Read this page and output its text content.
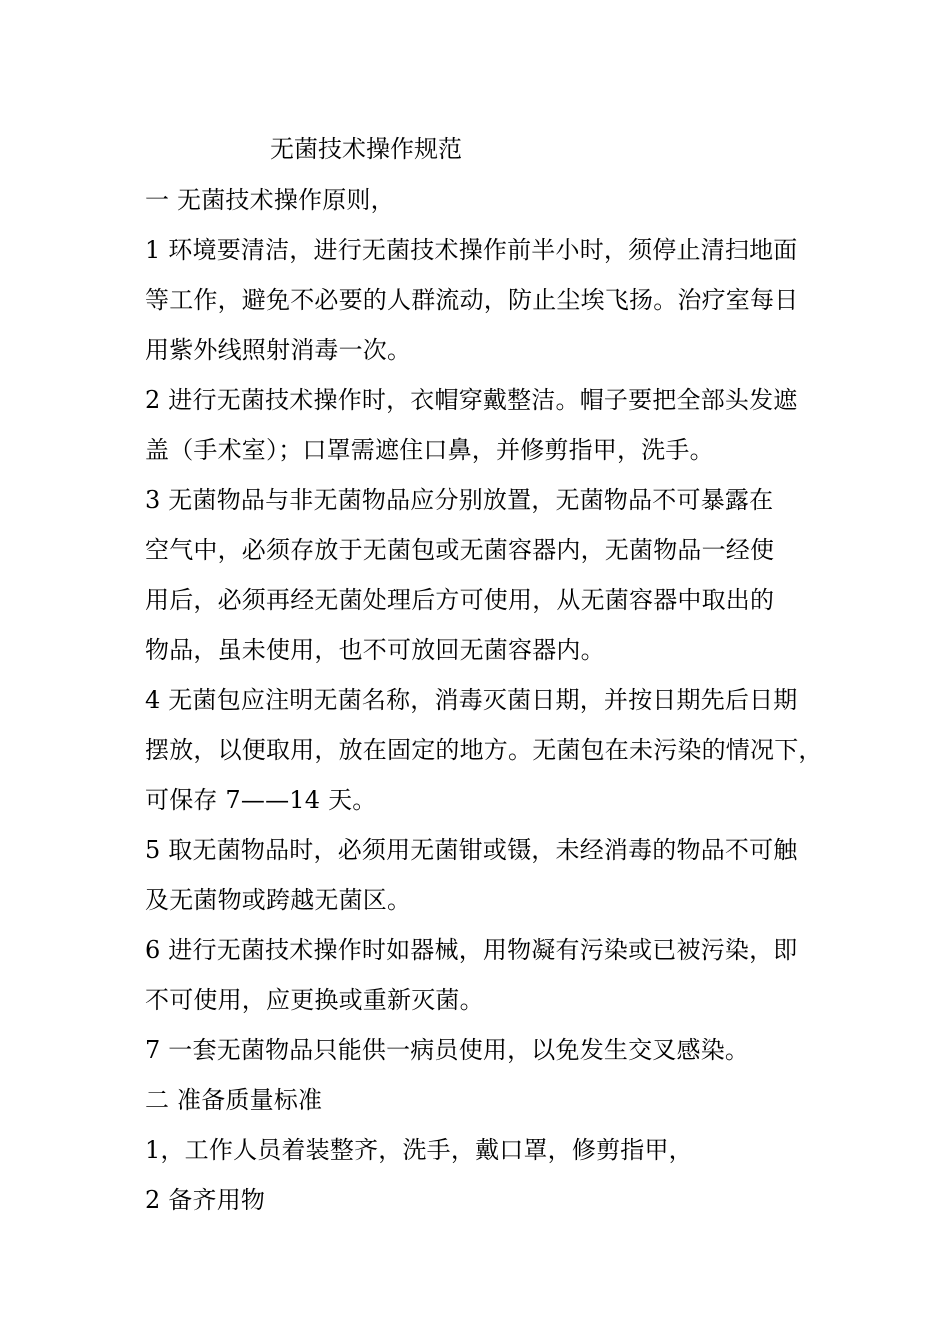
无菌技术操作规范
一 无菌技术操作原则，
1 环境要清洁，进行无菌技术操作前半小时，须停止清扫地面
等工作，避免不必要的人群流动，防止尘埃飞扬。治疗室每日
用紫外线照射消毒一次。
2 进行无菌技术操作时，衣帽穿戴整洁。帽子要把全部头发遮
盖（手术室）；口罩需遮住口鼻，并修剪指甲，洗手。
3 无菌物品与非无菌物品应分别放置，无菌物品不可暴露在
空气中，必须存放于无菌包或无菌容器内，无菌物品一经使
用后，必须再经无菌处理后方可使用，从无菌容器中取出的
物品，虽未使用，也不可放回无菌容器内。
4 无菌包应注明无菌名称，消毒灭菌日期，并按日期先后日期
摆放，以便取用，放在固定的地方。无菌包在未污染的情况下，
可保存 7——14 天。
5 取无菌物品时，必须用无菌钳或镊，未经消毒的物品不可触
及无菌物或跨越无菌区。
6 进行无菌技术操作时如器械，用物凝有污染或已被污染，即
不可使用，应更换或重新灭菌。
7 一套无菌物品只能供一病员使用，以免发生交叉感染。
二 准备质量标准
1，工作人员着装整齐，洗手，戴口罩，修剪指甲，
2 备齐用物
